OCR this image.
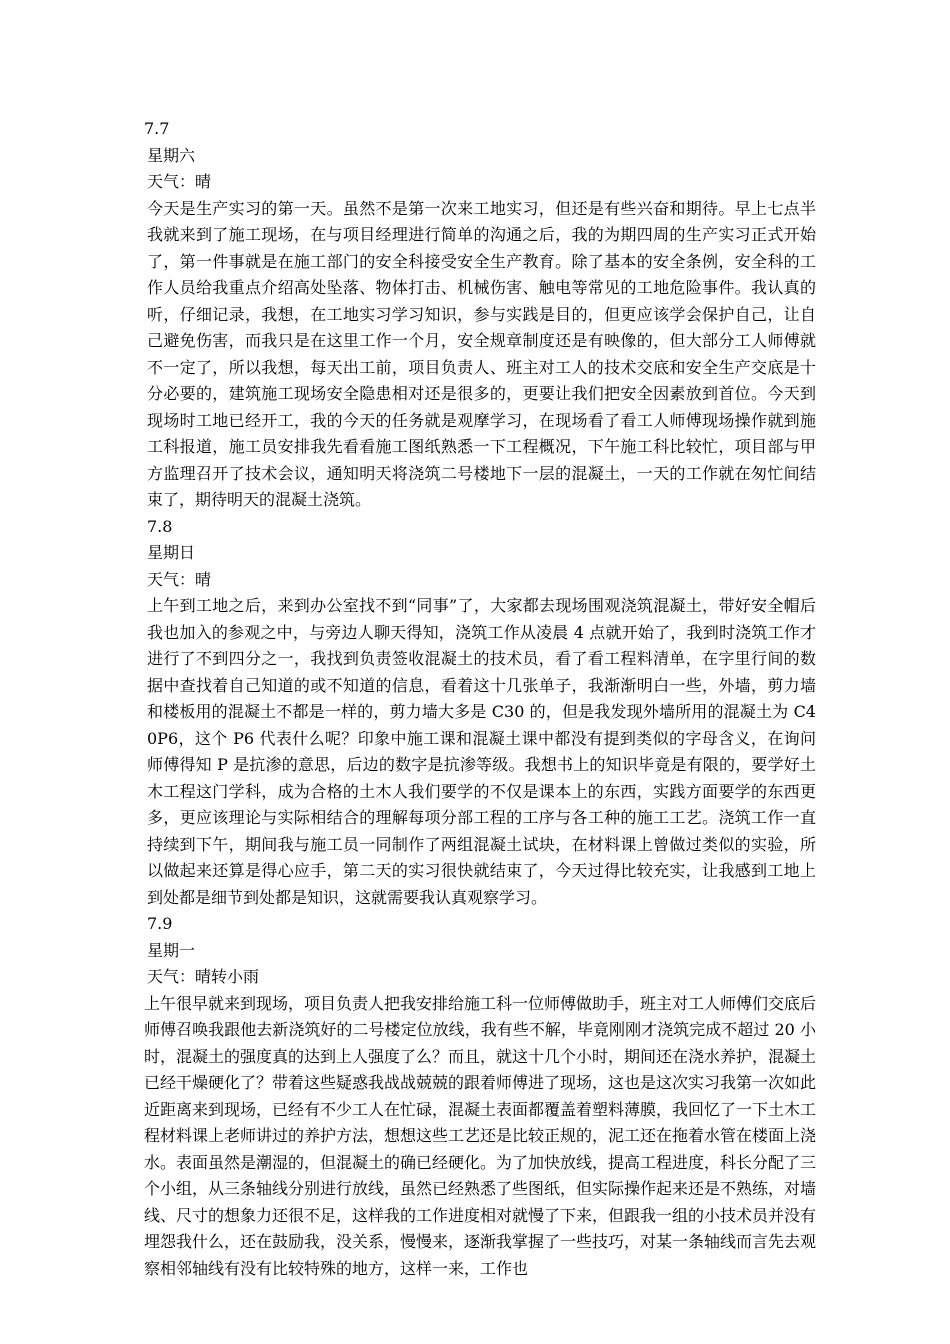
7.7
星期六
天气：晴
今天是生产实习的第一天。虽然不是第一次来工地实习，但还是有些兴奋和期待。早上七点半我就来到了施工现场，在与项目经理进行简单的沟通之后，我的为期四周的生产实习正式开始了，第一件事就是在施工部门的安全科接受安全生产教育。除了基本的安全条例，安全科的工作人员给我重点介绍高处坠落、物体打击、机械伤害、触电等常见的工地危险事件。我认真的听，仔细记录，我想，在工地实习学习知识，参与实践是目的，但更应该学会保护自己，让自己避免伤害，而我只是在这里工作一个月，安全规章制度还是有映像的，但大部分工人师傅就不一定了，所以我想，每天出工前，项目负责人、班主对工人的技术交底和安全生产交底是十分必要的，建筑施工现场安全隐患相对还是很多的，更要让我们把安全因素放到首位。今天到现场时工地已经开工，我的今天的任务就是观摩学习，在现场看了看工人师傅现场操作就到施工科报道，施工员安排我先看看施工图纸熟悉一下工程概况，下午施工科比较忙，项目部与甲方监理召开了技术会议，通知明天将浇筑二号楼地下一层的混凝土，一天的工作就在匆忙间结束了，期待明天的混凝土浇筑。
7.8
星期日
天气：晴
上午到工地之后，来到办公室找不到“同事”了，大家都去现场围观浇筑混凝土，带好安全帽后我也加入的参观之中，与旁边人聊天得知，浇筑工作从凌晨 4 点就开始了，我到时浇筑工作才进行了不到四分之一，我找到负责签收混凝土的技术员，看了看工程料清单，在字里行间的数据中查找着自己知道的或不知道的信息，看着这十几张单子，我渐渐明白一些，外墙，剪力墙和楼板用的混凝土不都是一样的，剪力墙大多是 C30 的，但是我发现外墙所用的混凝土为 C40P6，这个 P6 代表什么呢？印象中施工课和混凝土课中都没有提到类似的字母含义，在询问师傅得知 P 是抗渗的意思，后边的数字是抗渗等级。我想书上的知识毕竟是有限的，要学好土木工程这门学科，成为合格的土木人我们要学的不仅是课本上的东西，实践方面要学的东西更多，更应该理论与实际相结合的理解每项分部工程的工序与各工种的施工工艺。浇筑工作一直持续到下午，期间我与施工员一同制作了两组混凝土试块，在材料课上曾做过类似的实验，所以做起来还算是得心应手，第二天的实习很快就结束了，今天过得比较充实，让我感到工地上到处都是细节到处都是知识，这就需要我认真观察学习。
7.9
星期一
天气：晴转小雨
上午很早就来到现场，项目负责人把我安排给施工科一位师傅做助手，班主对工人师傅们交底后师傅召唤我跟他去新浇筑好的二号楼定位放线，我有些不解，毕竟刚刚才浇筑完成不超过 20 小时，混凝土的强度真的达到上人强度了么？而且，就这十几个小时，期间还在浇水养护，混凝土已经干燥硬化了？带着这些疑惑我战战兢兢的跟着师傅进了现场，这也是这次实习我第一次如此近距离来到现场，已经有不少工人在忙碌，混凝土表面都覆盖着塑料薄膜，我回忆了一下土木工程材料课上老师讲过的养护方法，想想这些工艺还是比较正规的，泥工还在拖着水管在楼面上浇水。表面虽然是潮湿的，但混凝土的确已经硬化。为了加快放线，提高工程进度，科长分配了三个小组，从三条轴线分别进行放线，虽然已经熟悉了些图纸，但实际操作起来还是不熟练，对墙线、尺寸的想象力还很不足，这样我的工作进度相对就慢了下来，但跟我一组的小技术员并没有埋怨我什么，还在鼓励我，没关系，慢慢来，逐渐我掌握了一些技巧，对某一条轴线而言先去观察相邻轴线有没有比较特殊的地方，这样一来，工作也
